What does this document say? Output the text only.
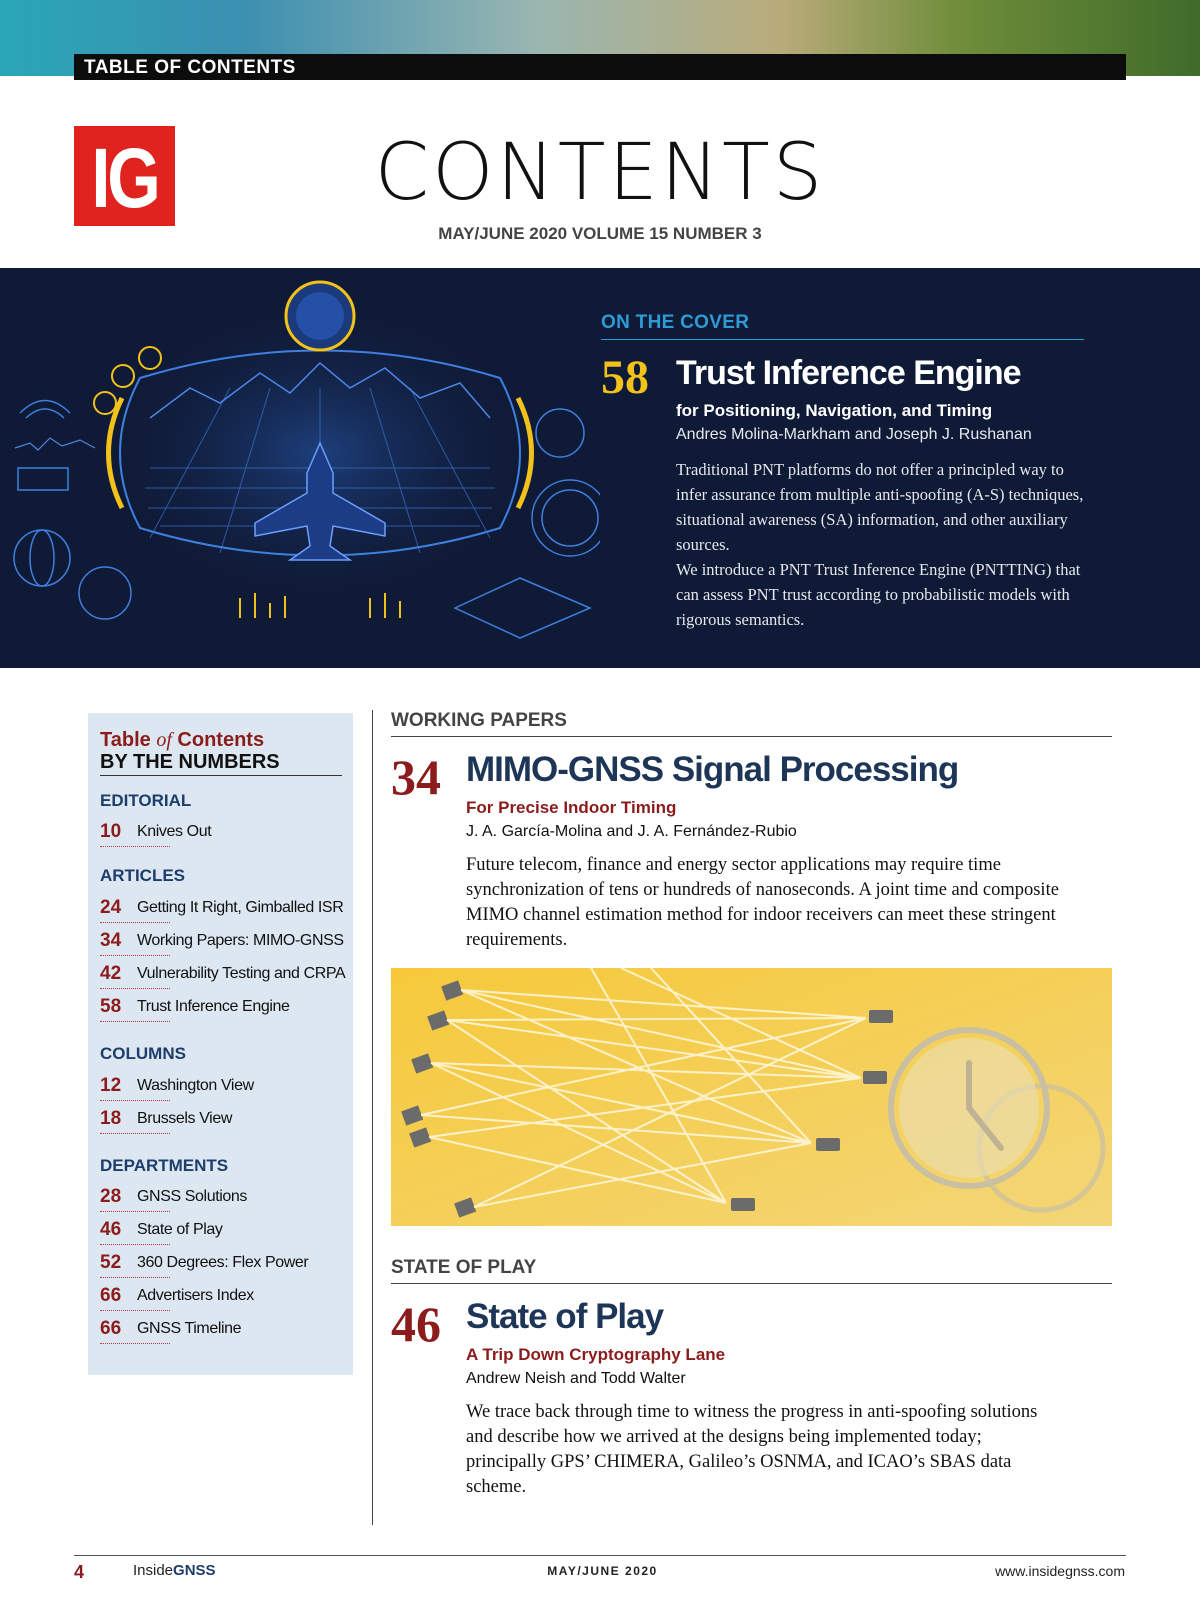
TABLE OF CONTENTS
IG	CONTENTS
MAY/JUNE 2020 VOLUME 15 NUMBER 3
ON THE COVER
58 Trust Inference Engine
for Positioning, Navigation, and Timing
Andres Molina-Markham and Joseph J. Rushanan
Traditional PNT platforms do not offer a principled way to infer assurance from multiple anti-spoofing (A-S) techniques, situational awareness (SA) information, and other auxiliary sources.
We introduce a PNT Trust Inference Engine (PNTTING) that can assess PNT trust according to probabilistic models with rigorous semantics.
Table of Contents
BY THE NUMBERS
EDITORIAL
10 Knives Out
ARTICLES
24 Getting It Right, Gimballed ISR
34 Working Papers: MIMO-GNSS
42 Vulnerability Testing and CRPA
58 Trust Inference Engine
COLUMNS
12 Washington View
18 Brussels View
DEPARTMENTS
28 GNSS Solutions
46 State of Play
52 360 Degrees: Flex Power
66 Advertisers Index
66 GNSS Timeline
WORKING PAPERS
34 MIMO-GNSS Signal Processing
For Precise Indoor Timing
J. A. García-Molina and J. A. Fernández-Rubio
Future telecom, finance and energy sector applications may require time synchronization of tens or hundreds of nanoseconds. A joint time and composite MIMO channel estimation method for indoor receivers can meet these stringent requirements.
STATE OF PLAY
46 State of Play
A Trip Down Cryptography Lane
Andrew Neish and Todd Walter
We trace back through time to witness the progress in anti-spoofing solutions and describe how we arrived at the designs being implemented today; principally GPS’ CHIMERA, Galileo’s OSNMA, and ICAO’s SBAS data scheme.
4	InsideGNSS	MAY/JUNE 2020	www.insidegnss.com
